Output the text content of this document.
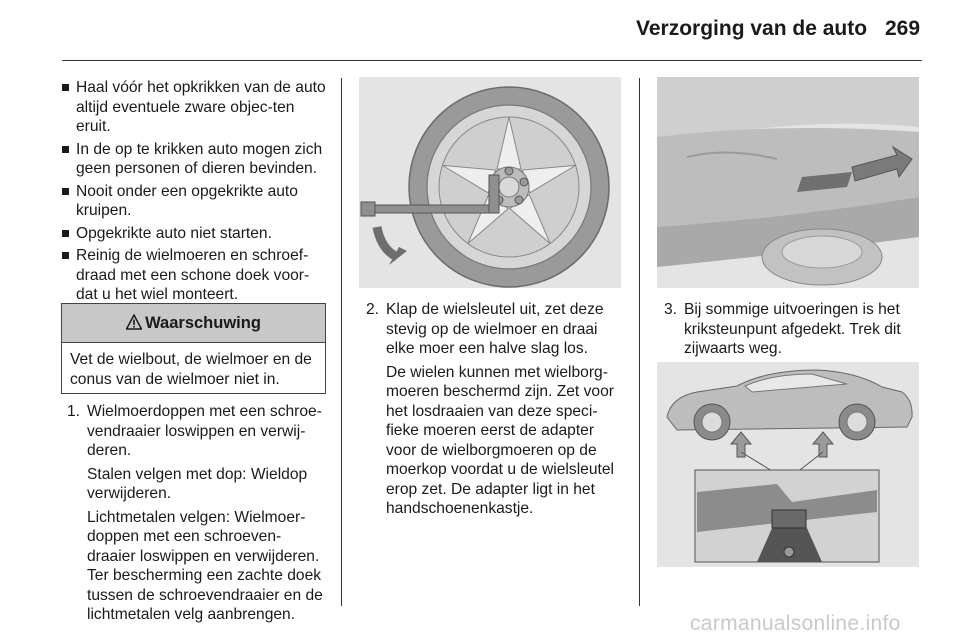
Verzorging van de auto 269
Haal vóór het opkrikken van de auto altijd eventuele zware objec-ten eruit.
In de op te krikken auto mogen zich geen personen of dieren bevinden.
Nooit onder een opgekrikte auto kruipen.
Opgekrikte auto niet starten.
Reinig de wielmoeren en schroef-draad met een schone doek voor-dat u het wiel monteert.
Waarschuwing
Vet de wielbout, de wielmoer en de conus van de wielmoer niet in.
1. Wielmoerdoppen met een schroe-vendraaier loswippen en verwij-deren.

Stalen velgen met dop: Wieldop verwijderen.

Lichtmetalen velgen: Wielmoer-doppen met een schroeven-draaier loswippen en verwijderen. Ter bescherming een zachte doek tussen de schroevendraaier en de lichtmetalen velg aanbrengen.

2. Klap de wielsleutel uit, zet deze stevig op de wielmoer en draai elke moer een halve slag los.

De wielen kunnen met wielborg-moeren beschermd zijn. Zet voor het losdraaien van deze speci-fieke moeren eerst de adapter voor de wielborgmoeren op de moerkop voordat u de wielsleutel erop zet. De adapter ligt in het handschoenenkastje.

3. Bij sommige uitvoeringen is het kriksteunpunt afgedekt. Trek dit zijwaarts weg.

carmanualsonline.info
